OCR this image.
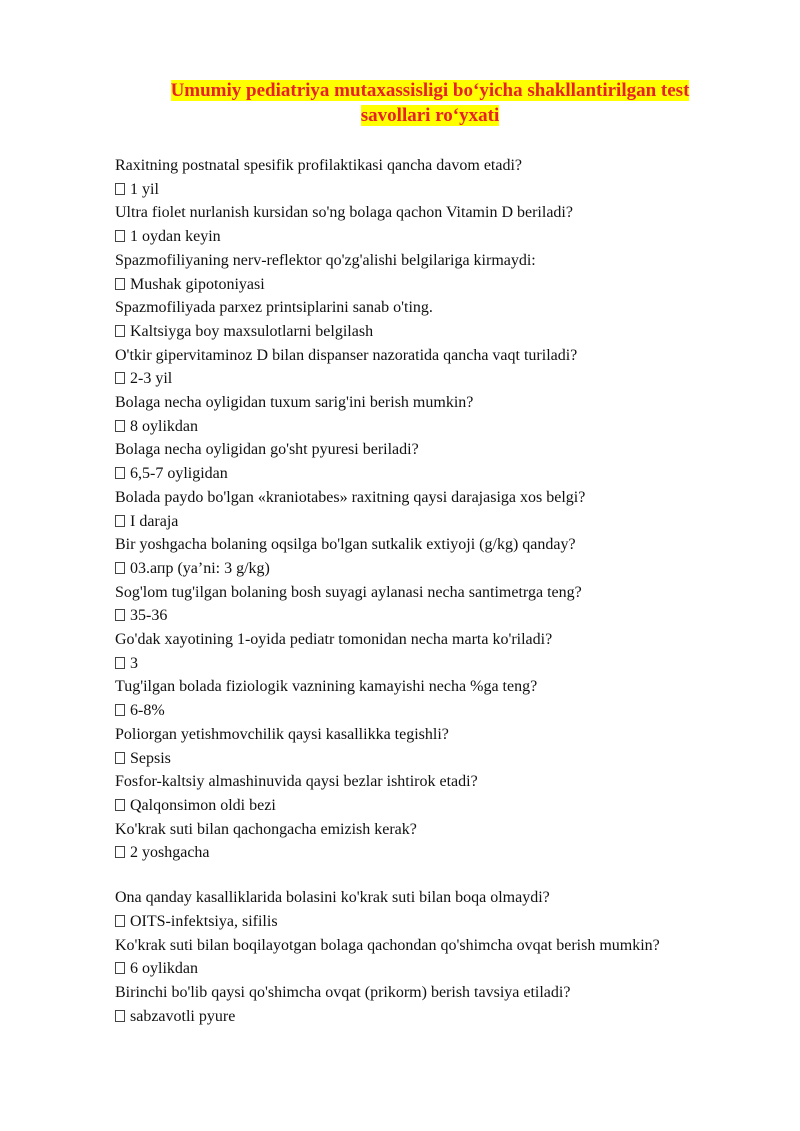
Umumiy pediatriya mutaxassisligi bo‘yicha shakllantirilgan test
savollari ro‘yxati
Raxitning postnatal spesifik profilaktikasi qancha davom etadi?
1 yil
Ultra fiolet nurlanish kursidan so'ng bolaga qachon Vitamin D beriladi?
1 oydan keyin
Spazmofiliyaning nerv-reflektor qo'zg'alishi belgilariga kirmaydi:
Mushak gipotoniyasi
Spazmofiliyada parxez printsiplarini sanab o'ting.
Kaltsiyga boy maxsulotlarni belgilash
O'tkir gipervitaminoz D bilan dispanser nazoratida qancha vaqt turiladi?
2-3 yil
Bolaga necha oyligidan tuxum sarig'ini berish mumkin?
8 oylikdan
Bolaga necha oyligidan go'sht pyuresi beriladi?
6,5-7 oyligidan
Bolada paydo bo'lgan «kraniotabes» raxitning qaysi darajasiga xos belgi?
I daraja
Bir yoshgacha bolaning oqsilga bo'lgan sutkalik extiyoji (g/kg) qanday?
03.апр (ya’ni: 3 g/kg)
Sog'lom tug'ilgan bolaning bosh suyagi aylanasi necha santimetrga teng?
35-36
Go'dak xayotining 1-oyida pediatr tomonidan necha marta ko'riladi?
3
Tug'ilgan bolada fiziologik vaznining kamayishi necha %ga teng?
6-8%
Poliorgan yetishmovchilik qaysi kasallikka tegishli?
Sepsis
Fosfor-kaltsiy almashinuvida qaysi bezlar ishtirok etadi?
Qalqonsimon oldi bezi
Ko'krak suti bilan qachongacha emizish kerak?
2 yoshgacha
Ona qanday kasalliklarida bolasini ko'krak suti bilan boqa olmaydi?
OITS-infektsiya, sifilis
Ko'krak suti bilan boqilayotgan bolaga qachondan qo'shimcha ovqat berish mumkin?
6 oylikdan
Birinchi bo'lib qaysi qo'shimcha ovqat (prikorm) berish tavsiya etiladi?
sabzavotli pyure
